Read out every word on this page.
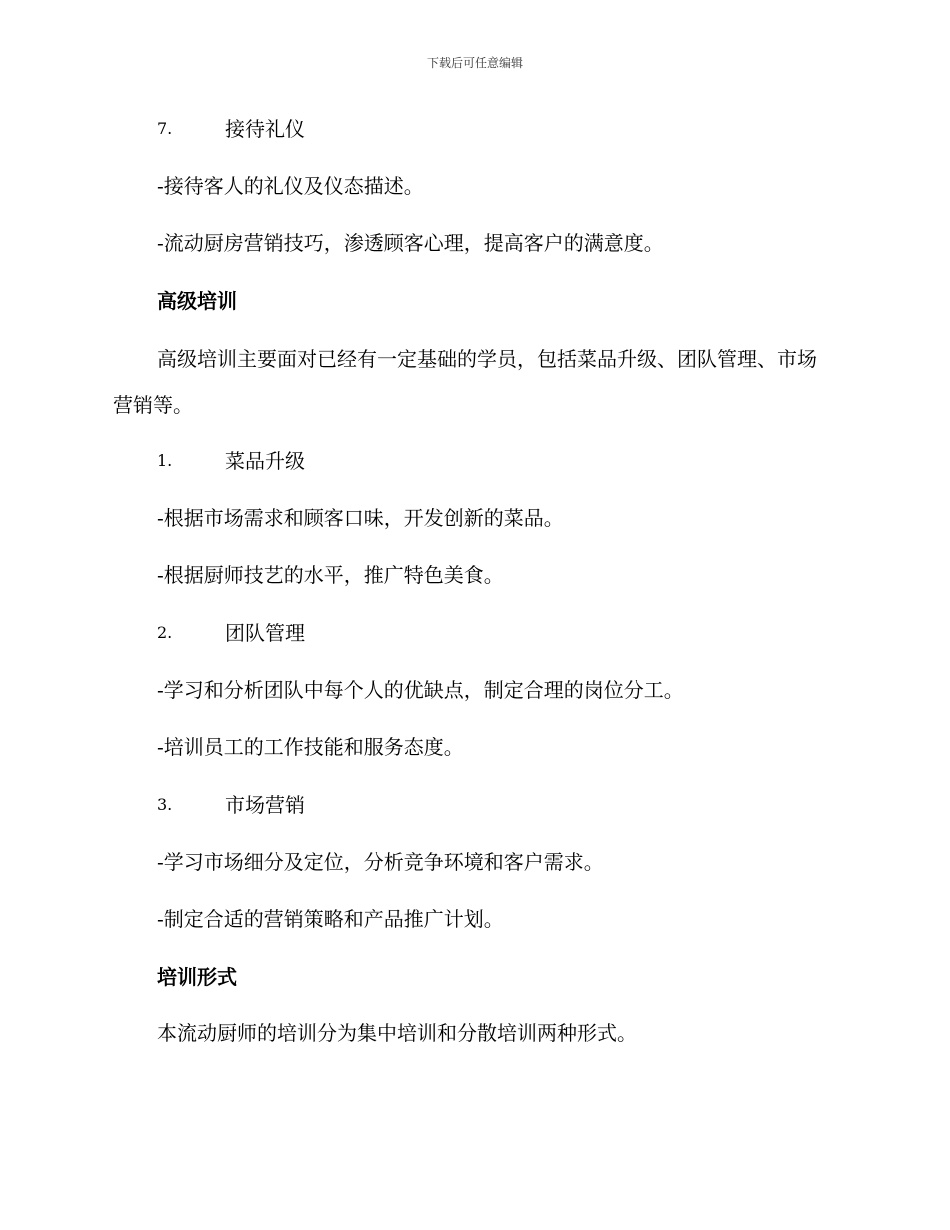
下载后可任意编辑
7.	接待礼仪
-接待客人的礼仪及仪态描述。
-流动厨房营销技巧，渗透顾客心理，提高客户的满意度。
高级培训
高级培训主要面对已经有一定基础的学员，包括菜品升级、团队管理、市场营销等。
1.	菜品升级
-根据市场需求和顾客口味，开发创新的菜品。
-根据厨师技艺的水平，推广特色美食。
2.	团队管理
-学习和分析团队中每个人的优缺点，制定合理的岗位分工。
-培训员工的工作技能和服务态度。
3.	市场营销
-学习市场细分及定位，分析竞争环境和客户需求。
-制定合适的营销策略和产品推广计划。
培训形式
本流动厨师的培训分为集中培训和分散培训两种形式。
